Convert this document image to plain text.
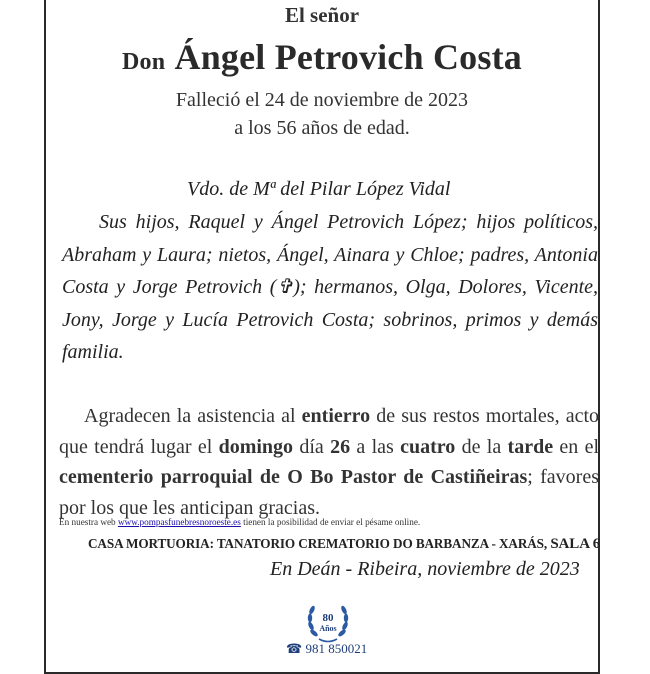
El señor
Don Ángel Petrovich Costa
Falleció el 24 de noviembre de 2023
a los 56 años de edad.
Vdo. de Mª del Pilar López Vidal

Sus hijos, Raquel y Ángel Petrovich López; hijos políticos, Abraham y Laura; nietos, Ángel, Ainara y Chloe; padres, Antonia Costa y Jorge Petrovich (✞); hermanos, Olga, Dolores, Vicente, Jony, Jorge y Lucía Petrovich Costa; sobrinos, primos y demás familia.

Agradecen la asistencia al entierro de sus restos mortales, acto que tendrá lugar el domingo día 26 a las cuatro de la tarde en el cementerio parroquial de O Bo Pastor de Castiñeiras; favores por los que les anticipan gracias.

En nuestra web www.pompasfunebresnoroeste.es tienen la posibilidad de enviar el pésame online.
CASA MORTUORIA: TANATORIO CREMATORIO DO BARBANZA - XARÁS, SALA 6
En Deán - Ribeira, noviembre de 2023
80
Años
☎ 981 850021
